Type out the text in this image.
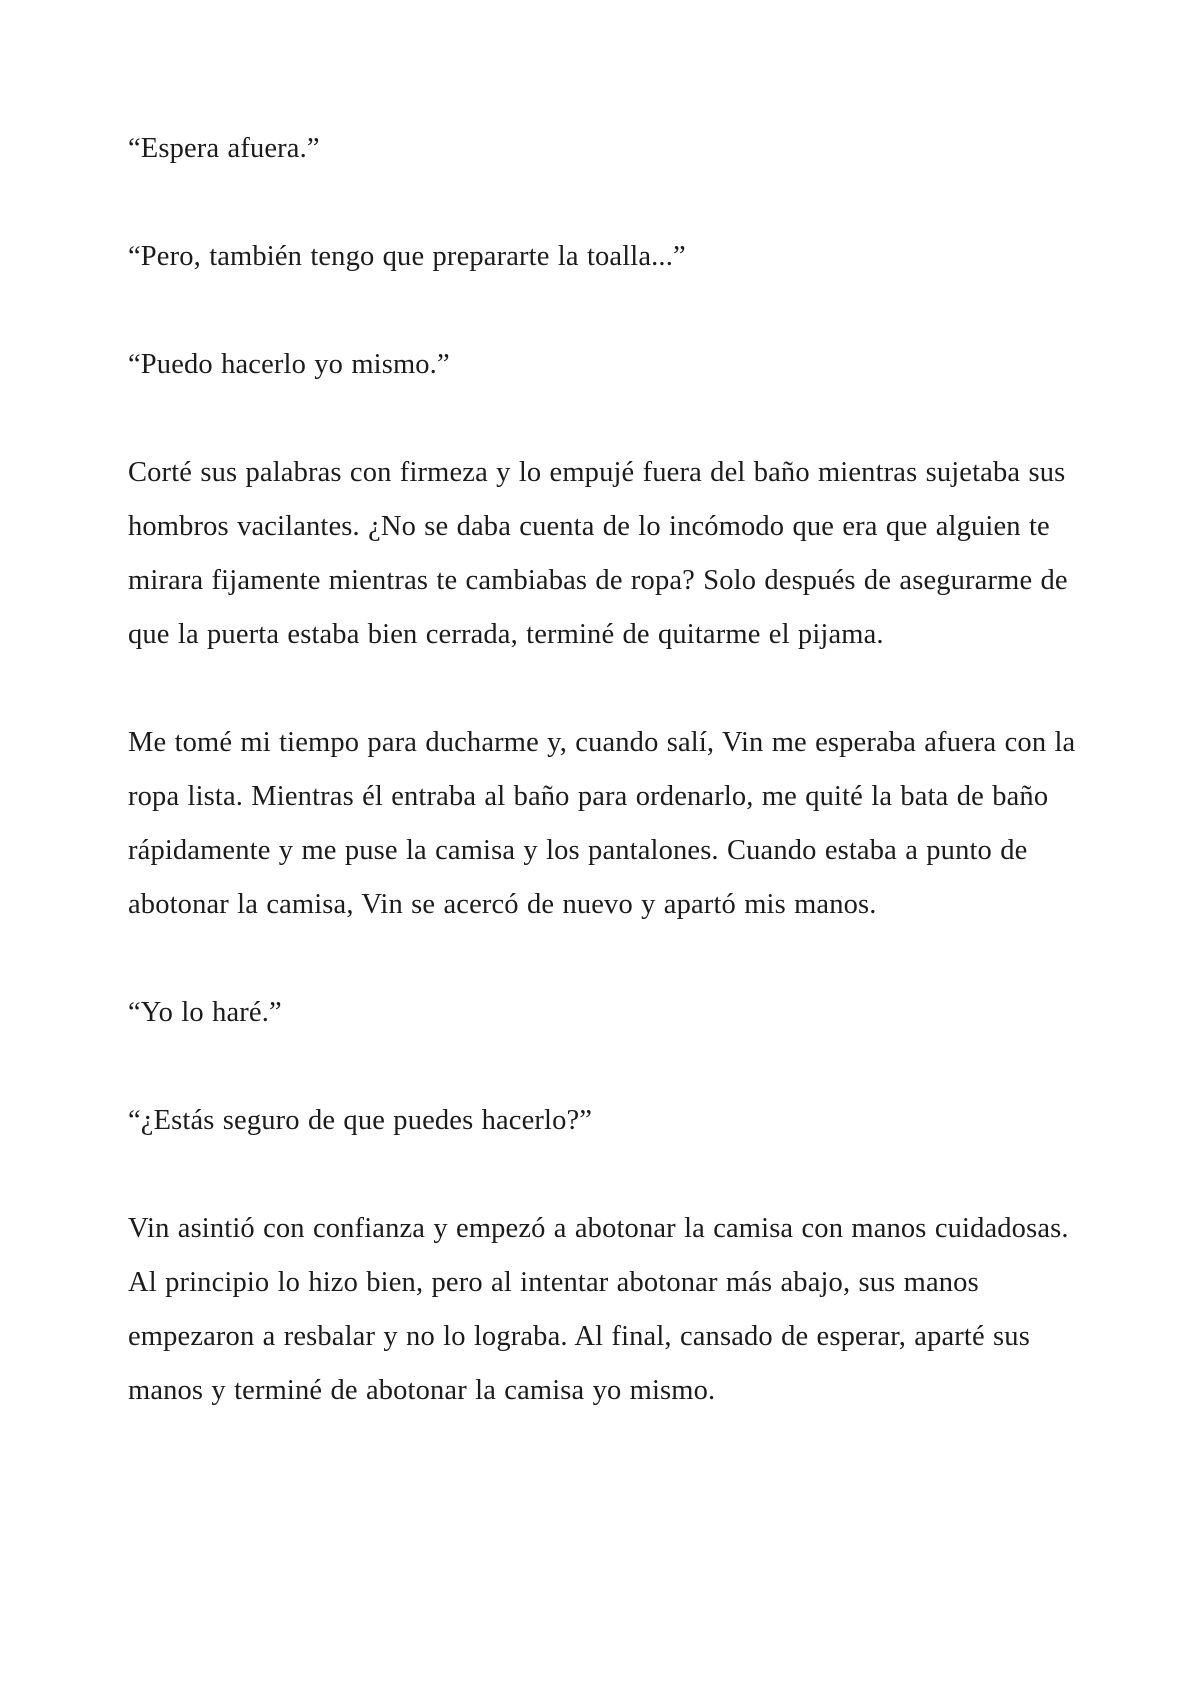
“Espera afuera.”

“Pero, también tengo que prepararte la toalla...”

“Puedo hacerlo yo mismo.”

Corté sus palabras con firmeza y lo empujé fuera del baño mientras sujetaba sus hombros vacilantes. ¿No se daba cuenta de lo incómodo que era que alguien te mirara fijamente mientras te cambiabas de ropa? Solo después de asegurarme de que la puerta estaba bien cerrada, terminé de quitarme el pijama.

Me tomé mi tiempo para ducharme y, cuando salí, Vin me esperaba afuera con la ropa lista. Mientras él entraba al baño para ordenarlo, me quité la bata de baño rápidamente y me puse la camisa y los pantalones. Cuando estaba a punto de abotonar la camisa, Vin se acercó de nuevo y apartó mis manos.

“Yo lo haré.”

“¿Estás seguro de que puedes hacerlo?”

Vin asintió con confianza y empezó a abotonar la camisa con manos cuidadosas. Al principio lo hizo bien, pero al intentar abotonar más abajo, sus manos empezaron a resbalar y no lo lograba. Al final, cansado de esperar, aparté sus manos y terminé de abotonar la camisa yo mismo.
